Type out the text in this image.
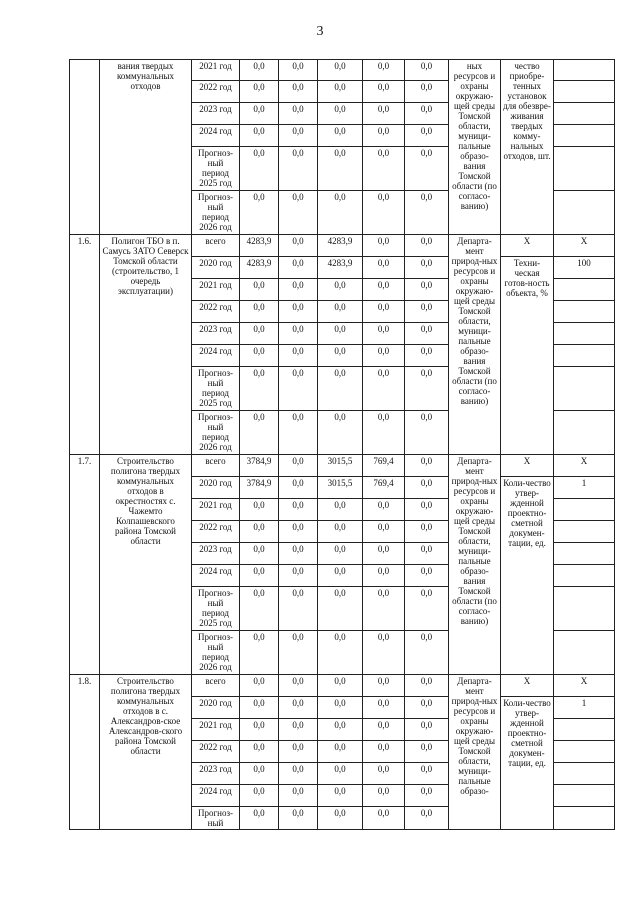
3
	вания твердых коммунальных отходов	2021 год	0,0	0,0	0,0	0,0	0,0	ных ресурсов и охраны окружаю-щей среды Томской области, муници-пальные образо-вания Томской области (по согласо-ванию)	чество приобре-тенных установок для обезвре-живания твердых комму-нальных отходов, шт.	
		2022 год	0,0	0,0	0,0	0,0	0,0			
		2023 год	0,0	0,0	0,0	0,0	0,0			
		2024 год	0,0	0,0	0,0	0,0	0,0			
		Прогноз-ный период 2025 год	0,0	0,0	0,0	0,0	0,0			
		Прогноз-ный период 2026 год	0,0	0,0	0,0	0,0	0,0			
1.6.	Полигон ТБО в п. Самусь ЗАТО Северск Томской области (строительство, 1 очередь эксплуатации)	всего	4283,9	0,0	4283,9	0,0	0,0	Департа-мент природ-ных ресурсов и охраны окружаю-щей среды Томской области, муници-пальные образо-вания Томской области (по согласо-ванию)	Х	Х
		2020 год	4283,9	0,0	4283,9	0,0	0,0		Техни-ческая готов-ность объекта, %	100
		2021 год	0,0	0,0	0,0	0,0	0,0			
		2022 год	0,0	0,0	0,0	0,0	0,0			
		2023 год	0,0	0,0	0,0	0,0	0,0			
		2024 год	0,0	0,0	0,0	0,0	0,0			
		Прогноз-ный период 2025 год	0,0	0,0	0,0	0,0	0,0			
		Прогноз-ный период 2026 год	0,0	0,0	0,0	0,0	0,0			
1.7.	Строительство полигона твердых коммунальных отходов в окрестностях с. Чажемто Колпашевского района Томской области	всего	3784,9	0,0	3015,5	769,4	0,0	Департа-мент природ-ных ресурсов и охраны окружаю-щей среды Томской области, муници-пальные образо-вания Томской области (по согласо-ванию)	Х	Х
		2020 год	3784,9	0,0	3015,5	769,4	0,0		Коли-чество утвер-жденной проектно-сметной докумен-тации, ед.	1
		2021 год	0,0	0,0	0,0	0,0	0,0			
		2022 год	0,0	0,0	0,0	0,0	0,0			
		2023 год	0,0	0,0	0,0	0,0	0,0			
		2024 год	0,0	0,0	0,0	0,0	0,0			
		Прогноз-ный период 2025 год	0,0	0,0	0,0	0,0	0,0			
		Прогноз-ный период 2026 год	0,0	0,0	0,0	0,0	0,0			
1.8.	Строительство полигона твердых коммунальных отходов в с. Александров-ское Александров-ского района Томской области	всего	0,0	0,0	0,0	0,0	0,0	Департа-мент природ-ных ресурсов и охраны окружаю-щей среды Томской области, муници-пальные образо-	Х	Х
		2020 год	0,0	0,0	0,0	0,0	0,0		Коли-чество утвер-жденной проектно-сметной докумен-тации, ед.	1
		2021 год	0,0	0,0	0,0	0,0	0,0			
		2022 год	0,0	0,0	0,0	0,0	0,0			
		2023 год	0,0	0,0	0,0	0,0	0,0			
		2024 год	0,0	0,0	0,0	0,0	0,0			
		Прогноз-ный	0,0	0,0	0,0	0,0	0,0			
